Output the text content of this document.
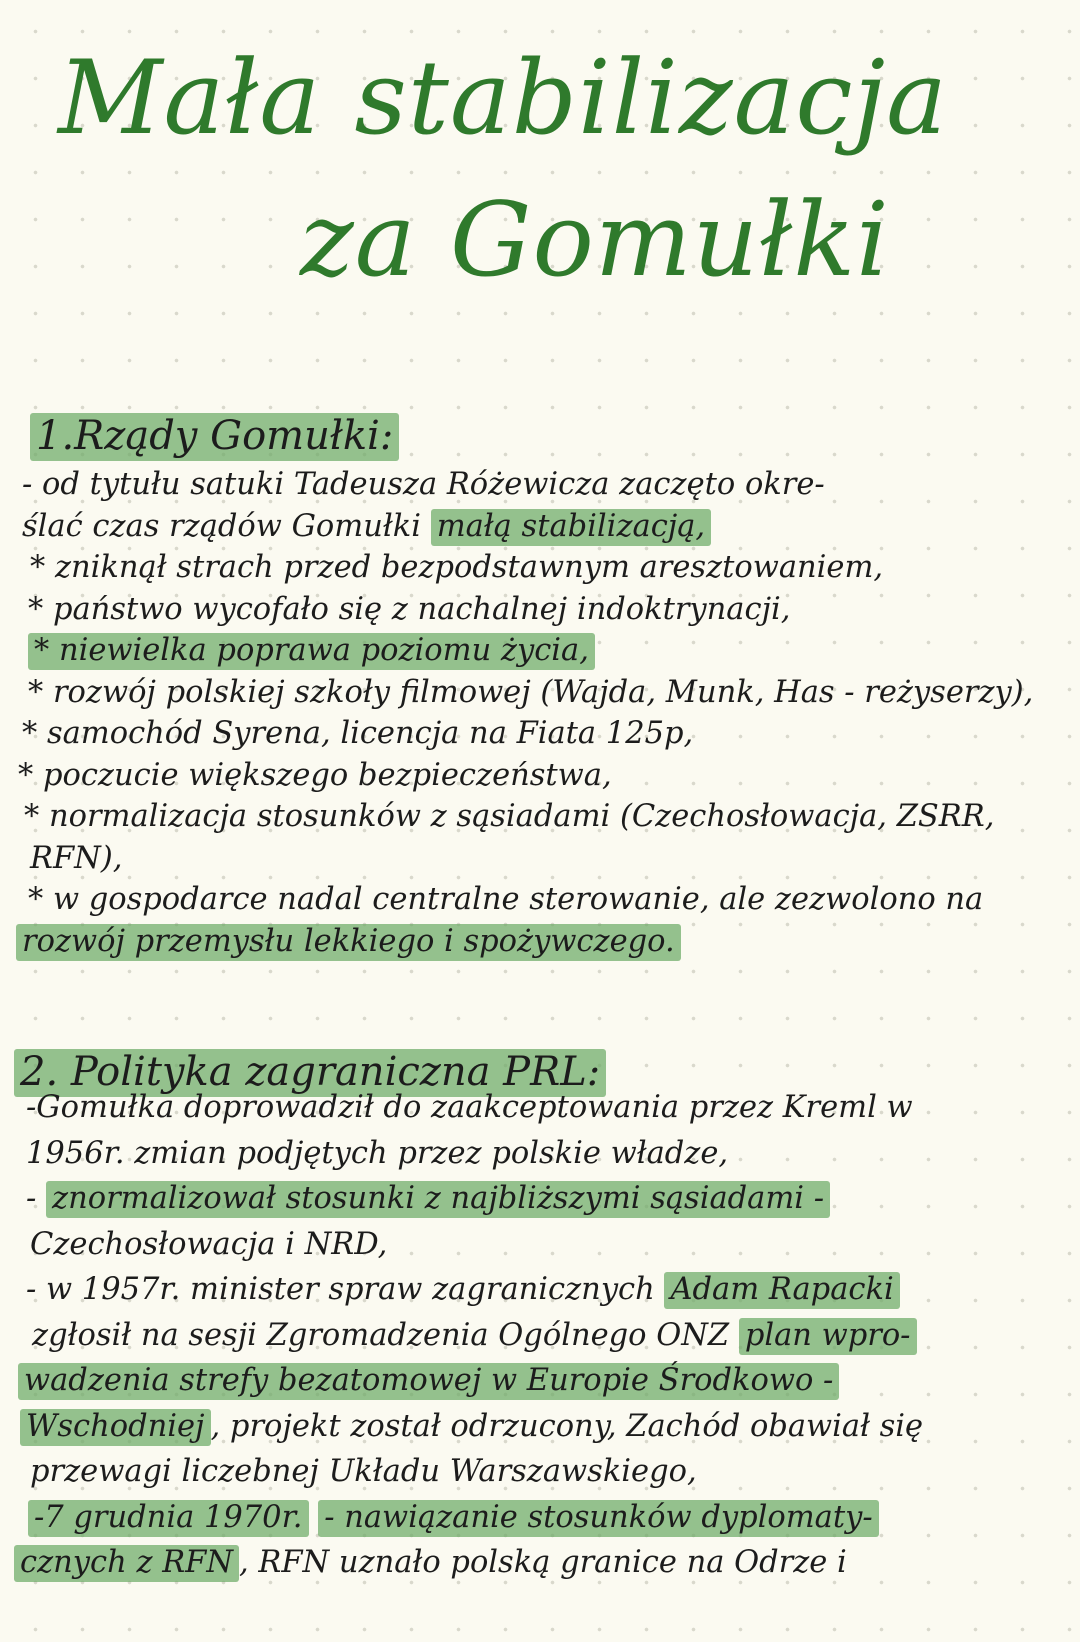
Mała stabilizacja
za Gomułki
1.Rządy Gomułki:
- od tytułu satuki Tadeusza Różewicza zaczęto okre-
ślać czas rządów Gomułki małą stabilizacją,
* zniknął strach przed bezpodstawnym aresztowaniem,
* państwo wycofało się z nachalnej indoktrynacji,
* niewielka poprawa poziomu życia,
* rozwój polskiej szkoły filmowej (Wajda, Munk, Has - reżyserzy),
* samochód Syrena, licencja na Fiata 125p,
* poczucie większego bezpieczeństwa,
* normalizacja stosunków z sąsiadami (Czechosłowacja, ZSRR,
RFN),
* w gospodarce nadal centralne sterowanie, ale zezwolono na
rozwój przemysłu lekkiego i spożywczego.
2. Polityka zagraniczna PRL:
-Gomułka doprowadził do zaakceptowania przez Kreml w
1956r. zmian podjętych przez polskie władze,
- znormalizował stosunki z najbliższymi sąsiadami -
Czechosłowacja i NRD,
- w 1957r. minister spraw zagranicznych Adam Rapacki
zgłosił na sesji Zgromadzenia Ogólnego ONZ plan wpro-
wadzenia strefy bezatomowej w Europie Środkowo -
Wschodniej , projekt został odrzucony, Zachód obawiał się
przewagi liczebnej Układu Warszawskiego,
-7 grudnia 1970r. - nawiązanie stosunków dyplomaty-
cznych z RFN , RFN uznało polską granice na Odrze i
